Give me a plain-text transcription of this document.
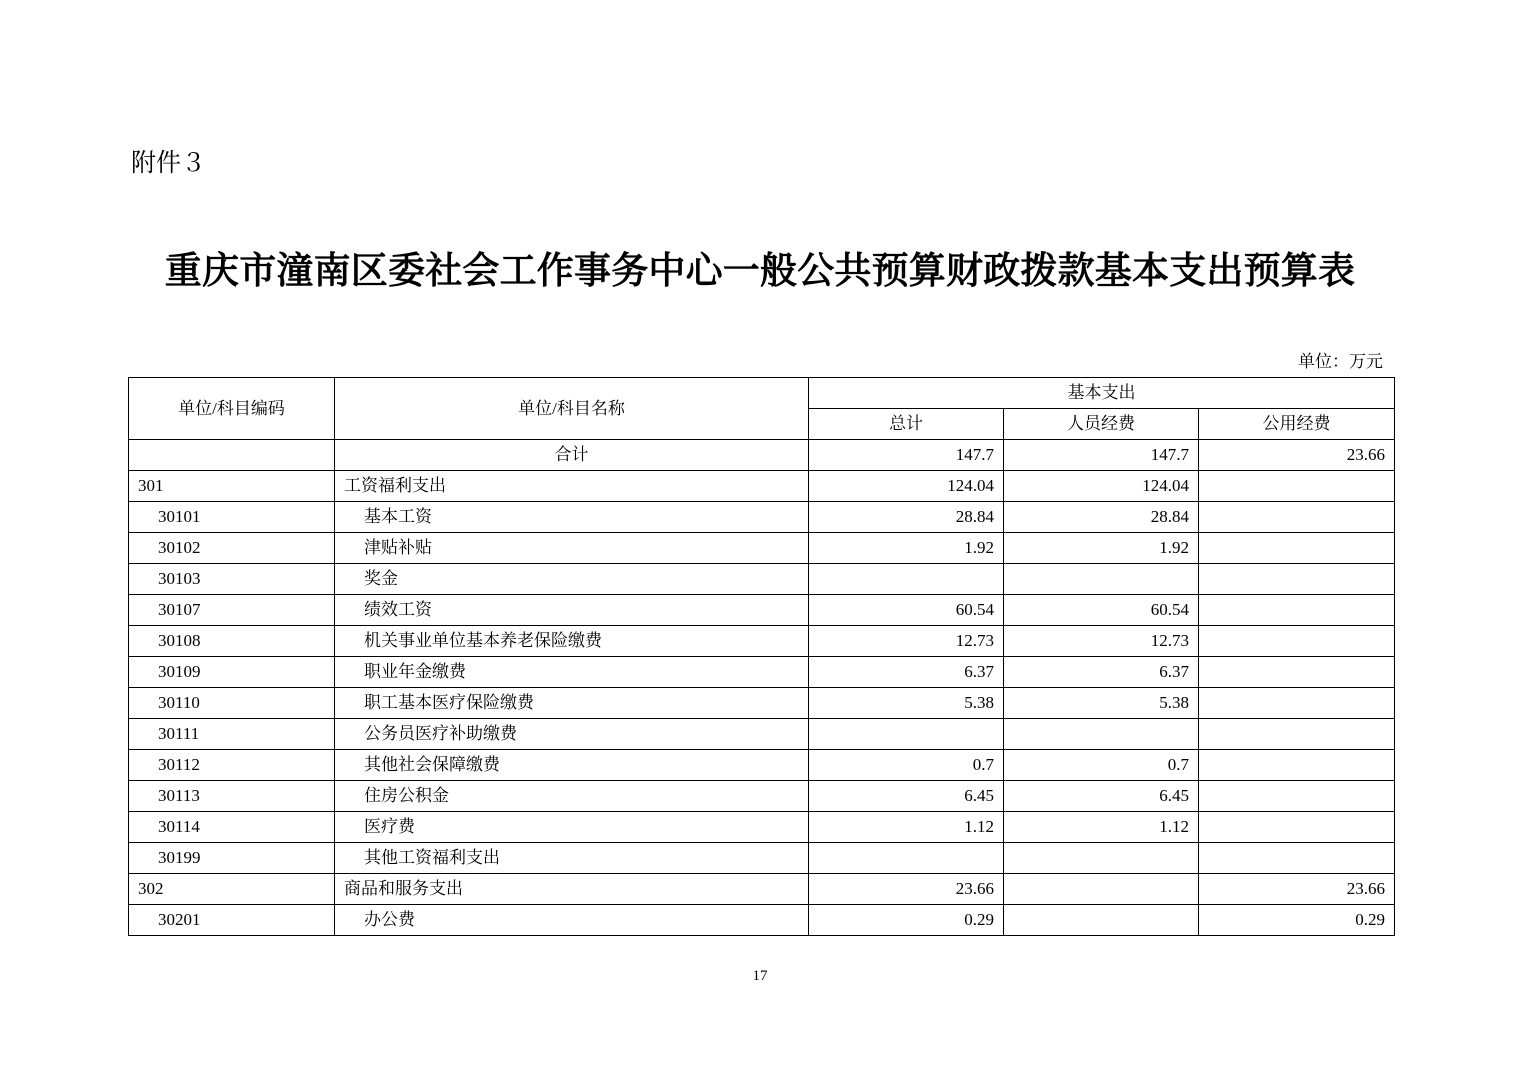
附件３

重庆市潼南区委社会工作事务中心一般公共预算财政拨款基本支出预算表

单位：万元

单位/科目编码	单位/科目名称	基本支出		
		总计	人员经费	公用经费
	合计	147.7	147.7	23.66
301	工资福利支出	124.04	124.04	
30101	基本工资	28.84	28.84	
30102	津贴补贴	1.92	1.92	
30103	奖金			
30107	绩效工资	60.54	60.54	
30108	机关事业单位基本养老保险缴费	12.73	12.73	
30109	职业年金缴费	6.37	6.37	
30110	职工基本医疗保险缴费	5.38	5.38	
30111	公务员医疗补助缴费			
30112	其他社会保障缴费	0.7	0.7	
30113	住房公积金	6.45	6.45	
30114	医疗费	1.12	1.12	
30199	其他工资福利支出			
302	商品和服务支出	23.66		23.66
30201	办公费	0.29		0.29

17
